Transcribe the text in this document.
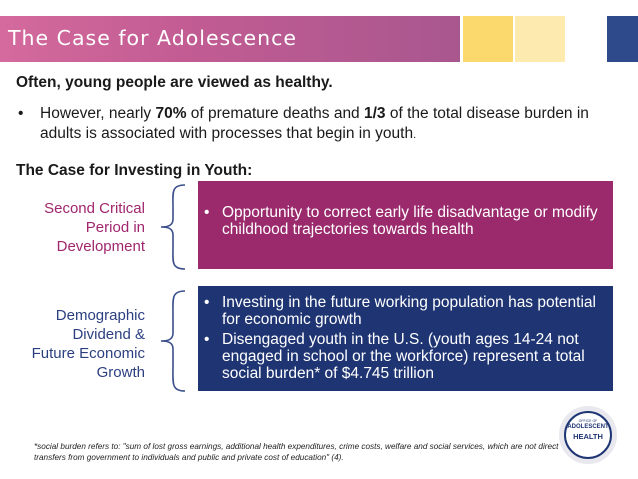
The Case for Adolescence
Often, young people are viewed as healthy.
• However, nearly 70% of premature deaths and 1/3 of the total disease burden in adults is associated with processes that begin in youth.
The Case for Investing in Youth:
Second Critical
Period in
Development
• Opportunity to correct early life disadvantage or modify childhood trajectories towards health
Demographic
Dividend &
Future Economic
Growth
• Investing in the future working population has potential for economic growth
• Disengaged youth in the U.S. (youth ages 14-24 not engaged in school or the workforce) represent a total social burden* of $4.745 trillion
*social burden refers to: "sum of lost gross earnings, additional health expenditures, crime costs, welfare and social services, which are not direct transfers from government to individuals and public and private cost of education" (4).
OFFICE OF
ADOLESCENT
HEALTH
